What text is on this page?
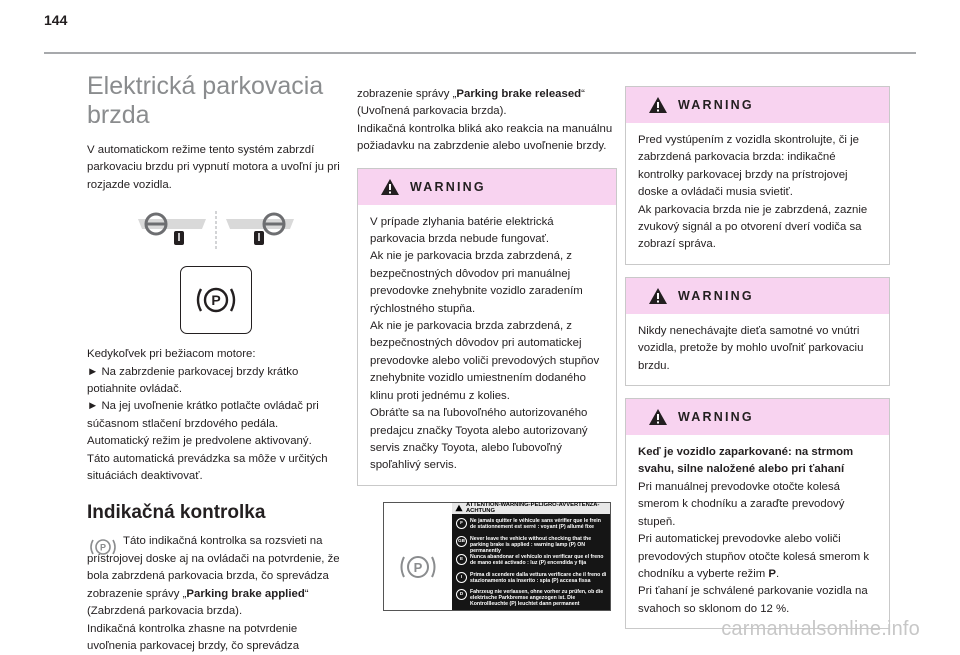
144
Elektrická parkovacia brzda

V automatickom režime tento systém zabrzdí parkovaciu brzdu pri vypnutí motora a uvoľní ju pri rozjazde vozidla.

P

Kedykoľvek pri bežiacom motore:

► Na zabrzdenie parkovacej brzdy krátko potiahnite ovládač.

► Na jej uvoľnenie krátko potlačte ovládač pri súčasnom stlačení brzdového pedála.

Automatický režim je predvolene aktivovaný.

Táto automatická prevádzka sa môže v určitých situáciách deaktivovať.

Indikačná kontrolka
P

Táto indikačná kontrolka sa rozsvieti na prístrojovej doske aj na ovládači na potvrdenie, že bola zabrzdená parkovacia brzda, čo sprevádza zobrazenie správy „Parking brake applied“ (Zabrzdená parkovacia brzda).

Indikačná kontrolka zhasne na potvrdenie uvoľnenia parkovacej brzdy, čo sprevádza

zobrazenie správy „Parking brake released“ (Uvoľnená parkovacia brzda).

Indikačná kontrolka bliká ako reakcia na manuálnu požiadavku na zabrzdenie alebo uvoľnenie brzdy.

WARNING
V prípade zlyhania batérie elektrická parkovacia brzda nebude fungovať.
Ak nie je parkovacia brzda zabrzdená, z bezpečnostných dôvodov pri manuálnej prevodovke znehybnite vozidlo zaradením rýchlostného stupňa.
Ak nie je parkovacia brzda zabrzdená, z bezpečnostných dôvodov pri automatickej prevodovke alebo voliči prevodových stupňov znehybnite vozidlo umiestnením dodaného klinu proti jednému z kolies.
Obráťte sa na ľubovoľného autorizovaného predajcu značky Toyota alebo autorizovaný servis značky Toyota, alebo ľubovoľný spoľahlivý servis.
P
ATTENTION-WARNING-PELIGRO-AVVERTENZA-ACHTUNG
F	Ne jamais quitter le véhicule sans vérifier que le frein de stationnement est serré : voyant (P) allumé fixe
GB Never leave the vehicle without checking that the parking brake is applied : warning lamp (P) ON permanently
E	Nunca abandonar el vehículo sin verificar que el freno de mano esté activado : luz (P) encendida y fija
I	Prima di scendere dalla vettura verificare che il freno di stazionamento sia inserito : spia (P) accesa fissa
D	Fahrzeug nie verlassen, ohne vorher zu prüfen, ob die elektrische Parkbremse angezogen ist. Die Kontrollleuchte (P) leuchtet dann permanent
WARNING
Pred vystúpením z vozidla skontrolujte, či je zabrzdená parkovacia brzda: indikačné kontrolky parkovacej brzdy na prístrojovej doske a ovládači musia svietiť.
Ak parkovacia brzda nie je zabrzdená, zaznie zvukový signál a po otvorení dverí vodiča sa zobrazí správa.
WARNING
Nikdy nenechávajte dieťa samotné vo vnútri vozidla, pretože by mohlo uvoľniť parkovaciu brzdu.
WARNING
Keď je vozidlo zaparkované: na strmom svahu, silne naložené alebo pri ťahaní
Pri manuálnej prevodovke otočte kolesá smerom k chodníku a zaraďte prevodový stupeň.
Pri automatickej prevodovke alebo voliči prevodových stupňov otočte kolesá smerom k chodníku a vyberte režim P.
Pri ťahaní je schválené parkovanie vozidla na svahoch so sklonom do 12 %.
carmanualsonline.info
